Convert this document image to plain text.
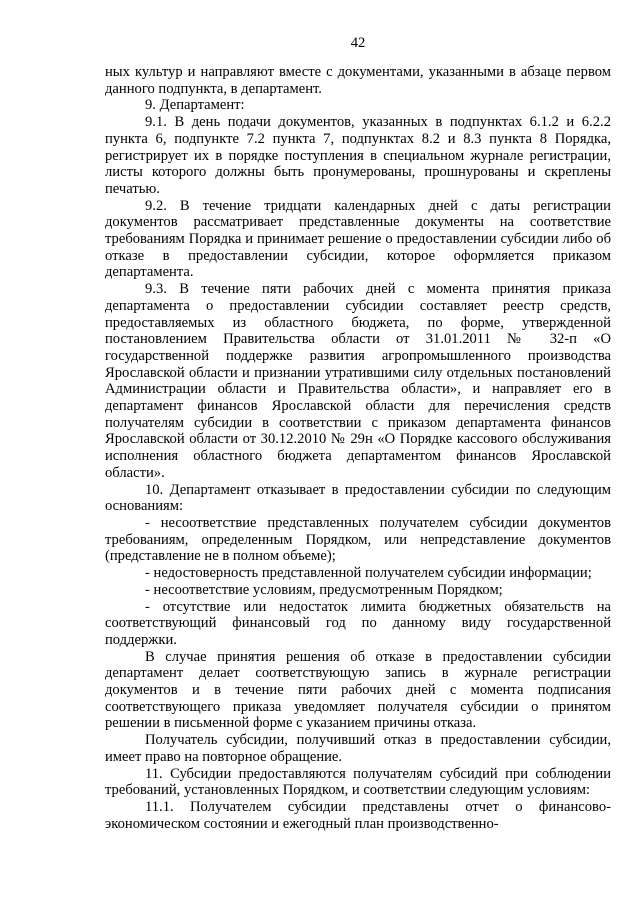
42

ных культур и направляют вместе с документами, указанными в абзаце первом данного подпункта, в департамент.

9. Департамент:

9.1. В день подачи документов, указанных в подпунктах 6.1.2 и 6.2.2 пункта 6, подпункте 7.2 пункта 7, подпунктах 8.2 и 8.3 пункта 8 Порядка, регистрирует их в порядке поступления в специальном журнале регистрации, листы которого должны быть пронумерованы, прошнурованы и скреплены печатью.

9.2. В течение тридцати календарных дней с даты регистрации документов рассматривает представленные документы на соответствие требованиям Порядка и принимает решение о предоставлении субсидии либо об отказе в предоставлении субсидии, которое оформляется приказом департамента.

9.3. В течение пяти рабочих дней с момента принятия приказа департамента о предоставлении субсидии составляет реестр средств, предоставляемых из областного бюджета, по форме, утвержденной постановлением Правительства области от 31.01.2011 № 32-п «О государственной поддержке развития агропромышленного производства Ярославской области и признании утратившими силу отдельных постановлений Администрации области и Правительства области», и направляет его в департамент финансов Ярославской области для перечисления средств получателям субсидии в соответствии с приказом департамента финансов Ярославской области от 30.12.2010 № 29н «О Порядке кассового обслуживания исполнения областного бюджета департаментом финансов Ярославской области».

10. Департамент отказывает в предоставлении субсидии по следующим основаниям:

- несоответствие представленных получателем субсидии документов требованиям, определенным Порядком, или непредставление документов (представление не в полном объеме);

- недостоверность представленной получателем субсидии информации;

- несоответствие условиям, предусмотренным Порядком;

- отсутствие или недостаток лимита бюджетных обязательств на соответствующий финансовый год по данному виду государственной поддержки.

В случае принятия решения об отказе в предоставлении субсидии департамент делает соответствующую запись в журнале регистрации документов и в течение пяти рабочих дней с момента подписания соответствующего приказа уведомляет получателя субсидии о принятом решении в письменной форме с указанием причины отказа.

Получатель субсидии, получивший отказ в предоставлении субсидии, имеет право на повторное обращение.

11. Субсидии предоставляются получателям субсидий при соблюдении требований, установленных Порядком, и соответствии следующим условиям:

11.1. Получателем субсидии представлены отчет о финансово-экономическом состоянии и ежегодный план производственно-
